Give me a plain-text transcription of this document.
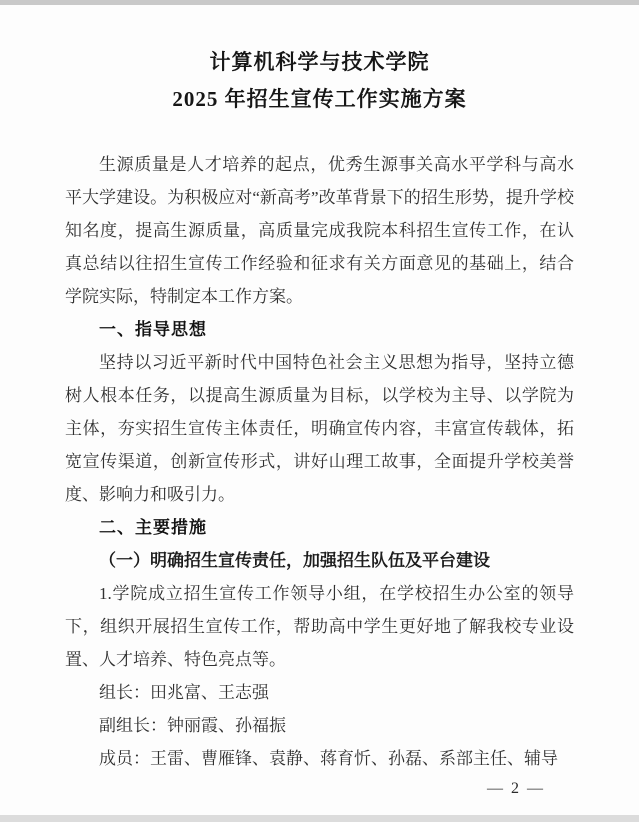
计算机科学与技术学院
2025 年招生宣传工作实施方案

生源质量是人才培养的起点，优秀生源事关高水平学科与高水平大学建设。为积极应对“新高考”改革背景下的招生形势，提升学校知名度，提高生源质量，高质量完成我院本科招生宣传工作，在认真总结以往招生宣传工作经验和征求有关方面意见的基础上，结合学院实际，特制定本工作方案。

一、指导思想

坚持以习近平新时代中国特色社会主义思想为指导，坚持立德树人根本任务，以提高生源质量为目标，以学校为主导、以学院为主体，夯实招生宣传主体责任，明确宣传内容，丰富宣传载体，拓宽宣传渠道，创新宣传形式，讲好山理工故事，全面提升学校美誉度、影响力和吸引力。

二、主要措施

（一）明确招生宣传责任，加强招生队伍及平台建设

1.学院成立招生宣传工作领导小组，在学校招生办公室的领导下，组织开展招生宣传工作，帮助高中学生更好地了解我校专业设置、人才培养、特色亮点等。

组长：田兆富、王志强

副组长：钟丽霞、孙福振

成员：王雷、曹雁锋、袁静、蒋育忻、孙磊、系部主任、辅导

— 2 —
